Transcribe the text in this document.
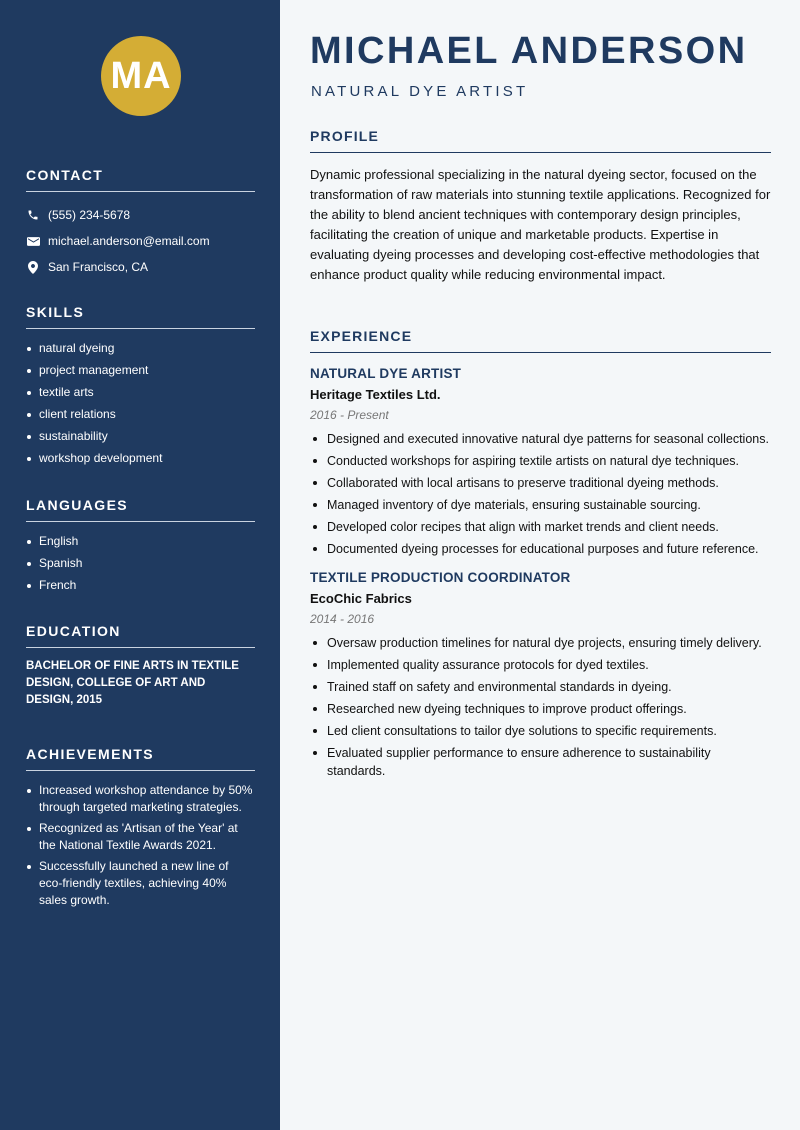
MA
CONTACT
(555) 234-5678
michael.anderson@email.com
San Francisco, CA
SKILLS
natural dyeing
project management
textile arts
client relations
sustainability
workshop development
LANGUAGES
English
Spanish
French
EDUCATION

BACHELOR OF FINE ARTS IN TEXTILE DESIGN, COLLEGE OF ART AND DESIGN, 2015

ACHIEVEMENTS
Increased workshop attendance by 50% through targeted marketing strategies.
Recognized as 'Artisan of the Year' at the National Textile Awards 2021.
Successfully launched a new line of eco-friendly textiles, achieving 40% sales growth.
MICHAEL ANDERSON
NATURAL DYE ARTIST
PROFILE

Dynamic professional specializing in the natural dyeing sector, focused on the transformation of raw materials into stunning textile applications. Recognized for the ability to blend ancient techniques with contemporary design principles, facilitating the creation of unique and marketable products. Expertise in evaluating dyeing processes and developing cost-effective methodologies that enhance product quality while reducing environmental impact.

EXPERIENCE
NATURAL DYE ARTIST
Heritage Textiles Ltd.
2016 - Present
Designed and executed innovative natural dye patterns for seasonal collections.
Conducted workshops for aspiring textile artists on natural dye techniques.
Collaborated with local artisans to preserve traditional dyeing methods.
Managed inventory of dye materials, ensuring sustainable sourcing.
Developed color recipes that align with market trends and client needs.
Documented dyeing processes for educational purposes and future reference.
TEXTILE PRODUCTION COORDINATOR
EcoChic Fabrics
2014 - 2016
Oversaw production timelines for natural dye projects, ensuring timely delivery.
Implemented quality assurance protocols for dyed textiles.
Trained staff on safety and environmental standards in dyeing.
Researched new dyeing techniques to improve product offerings.
Led client consultations to tailor dye solutions to specific requirements.
Evaluated supplier performance to ensure adherence to sustainability standards.
